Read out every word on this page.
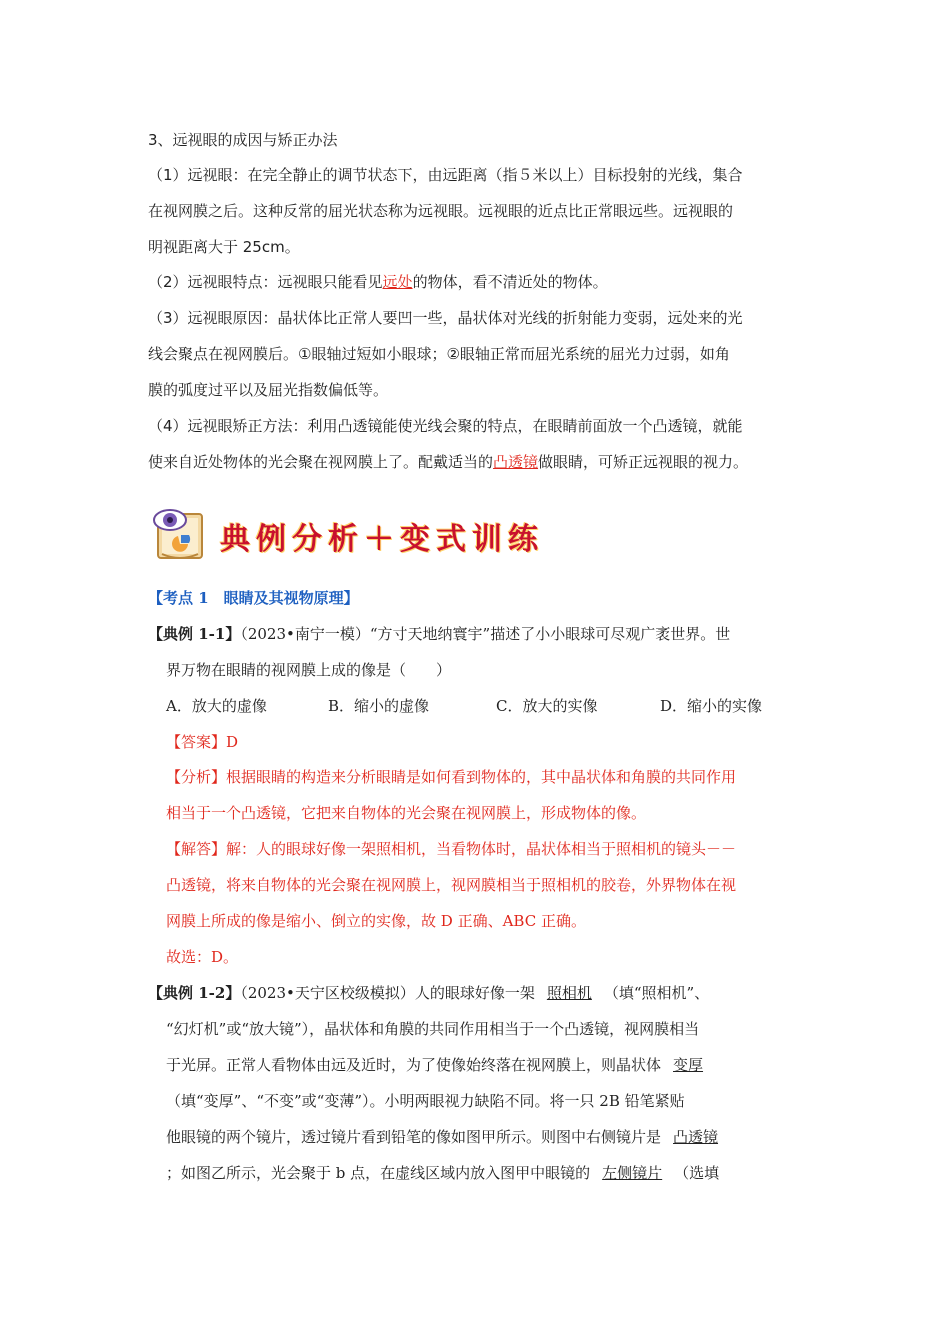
3、远视眼的成因与矫正办法
（1）远视眼：在完全静止的调节状态下，由远距离（指５米以上）目标投射的光线，集合
在视网膜之后。这种反常的屈光状态称为远视眼。远视眼的近点比正常眼远些。远视眼的
明视距离大于 25cm。
（2）远视眼特点：远视眼只能看见远处的物体，看不清近处的物体。
（3）远视眼原因：晶状体比正常人要凹一些，晶状体对光线的折射能力变弱，远处来的光
线会聚点在视网膜后。①眼轴过短如小眼球；②眼轴正常而屈光系统的屈光力过弱，如角
膜的弧度过平以及屈光指数偏低等。
（4）远视眼矫正方法：利用凸透镜能使光线会聚的特点，在眼睛前面放一个凸透镜，就能
使来自近处物体的光会聚在视网膜上了。配戴适当的凸透镜做眼睛，可矫正远视眼的视力。
典例分析＋变式训练
【考点 1　眼睛及其视物原理】
【典例 1-1】（2023•南宁一模）“方寸天地纳寰宇”描述了小小眼球可尽观广袤世界。世
界万物在眼睛的视网膜上成的像是（　　）
A．放大的虚像	B．缩小的虚像	C．放大的实像	D．缩小的实像
【答案】D
【分析】根据眼睛的构造来分析眼睛是如何看到物体的，其中晶状体和角膜的共同作用
相当于一个凸透镜，它把来自物体的光会聚在视网膜上，形成物体的像。
【解答】解：人的眼球好像一架照相机，当看物体时，晶状体相当于照相机的镜头－－
凸透镜，将来自物体的光会聚在视网膜上，视网膜相当于照相机的胶卷，外界物体在视
网膜上所成的像是缩小、倒立的实像，故 D 正确、ABC 正确。
故选：D。
【典例 1-2】（2023•天宁区校级模拟）人的眼球好像一架 照相机 （填“照相机”、
“幻灯机”或“放大镜”），晶状体和角膜的共同作用相当于一个凸透镜，视网膜相当
于光屏。正常人看物体由远及近时，为了使像始终落在视网膜上，则晶状体 变厚
（填“变厚”、“不变”或“变薄”）。小明两眼视力缺陷不同。将一只 2B 铅笔紧贴
他眼镜的两个镜片，透过镜片看到铅笔的像如图甲所示。则图中右侧镜片是 凸透镜
；如图乙所示，光会聚于 b 点，在虚线区域内放入图甲中眼镜的 左侧镜片 （选填
